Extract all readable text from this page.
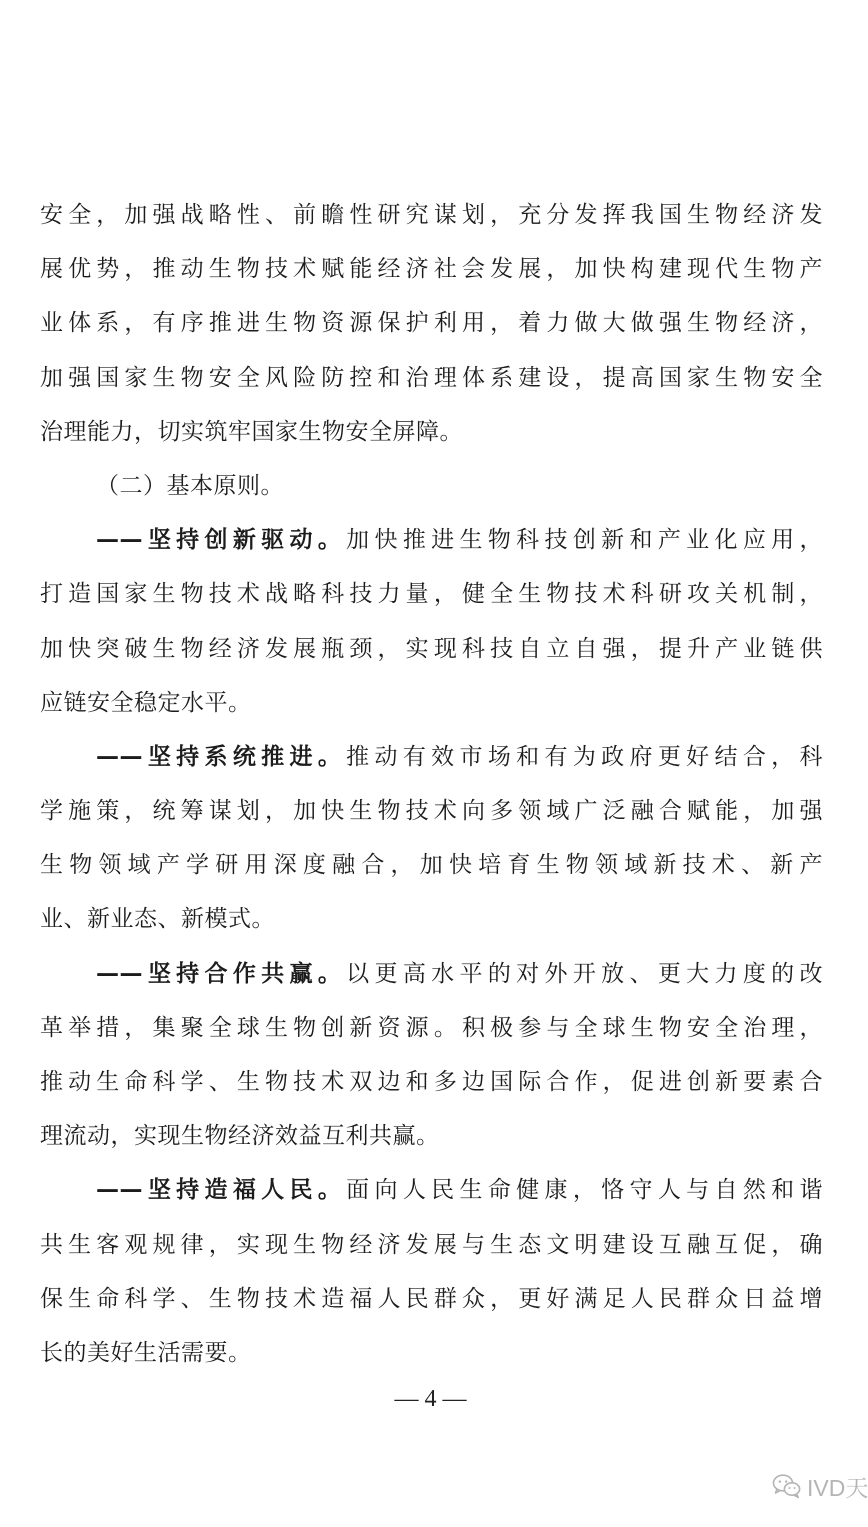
安全，加强战略性、前瞻性研究谋划，充分发挥我国生物经济发
展优势，推动生物技术赋能经济社会发展，加快构建现代生物产
业体系，有序推进生物资源保护利用，着力做大做强生物经济，
加强国家生物安全风险防控和治理体系建设，提高国家生物安全
治理能力，切实筑牢国家生物安全屏障。
（二）基本原则。
——坚持创新驱动。加快推进生物科技创新和产业化应用，
打造国家生物技术战略科技力量，健全生物技术科研攻关机制，
加快突破生物经济发展瓶颈，实现科技自立自强，提升产业链供
应链安全稳定水平。
——坚持系统推进。推动有效市场和有为政府更好结合，科
学施策，统筹谋划，加快生物技术向多领域广泛融合赋能，加强
生物领域产学研用深度融合，加快培育生物领域新技术、新产
业、新业态、新模式。
——坚持合作共赢。以更高水平的对外开放、更大力度的改
革举措，集聚全球生物创新资源。积极参与全球生物安全治理，
推动生命科学、生物技术双边和多边国际合作，促进创新要素合
理流动，实现生物经济效益互利共赢。
——坚持造福人民。面向人民生命健康，恪守人与自然和谐
共生客观规律，实现生物经济发展与生态文明建设互融互促，确
保生命科学、生物技术造福人民群众，更好满足人民群众日益增
长的美好生活需要。
— 4 —
IVD天
